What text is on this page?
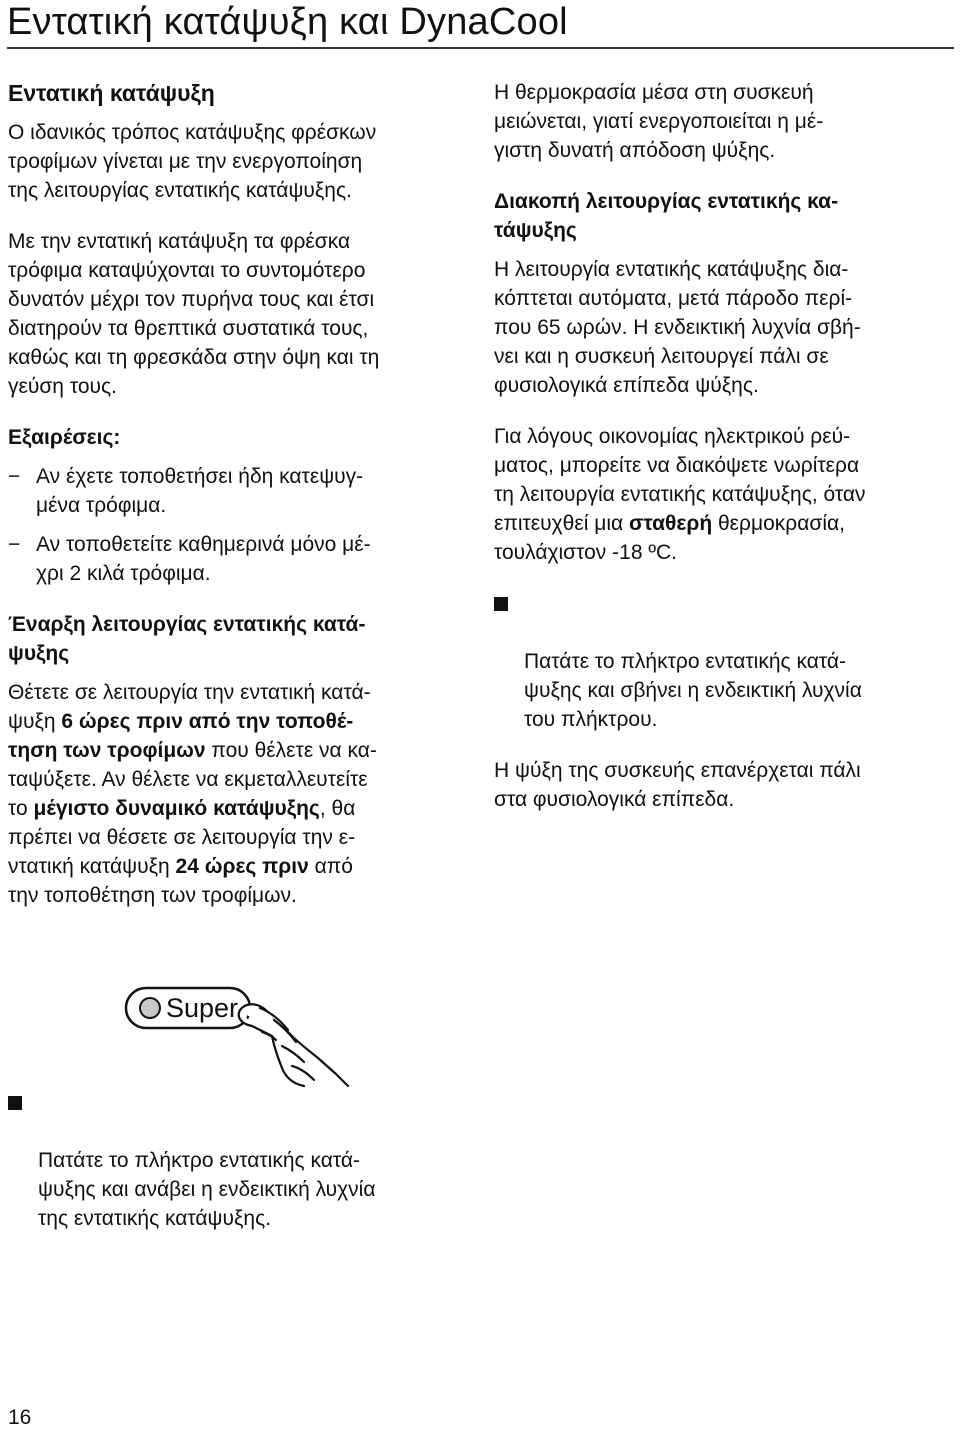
Εντατική κατάψυξη και DynaCool
Εντατική κατάψυξη

Ο ιδανικός τρόπος κατάψυξης φρέσκων
τροφίμων γίνεται με την ενεργοποίηση
της λειτουργίας εντατικής κατάψυξης.

Με την εντατική κατάψυξη τα φρέσκα
τρόφιμα καταψύχονται το συντομότερο
δυνατόν μέχρι τον πυρήνα τους και έτσι
διατηρούν τα θρεπτικά συστατικά τους,
καθώς και τη φρεσκάδα στην όψη και τη
γεύση τους.

Εξαιρέσεις:
− Αν έχετε τοποθετήσει ήδη κατεψυγ-
μένα τρόφιμα.
− Αν τοποθετείτε καθημερινά μόνο μέ-
χρι 2 κιλά τρόφιμα.
Έναρξη λειτουργίας εντατικής κατά-
ψυξης

Θέτετε σε λειτουργία την εντατική κατά-
ψυξη 6 ώρες πριν από την τοποθέ-
τηση των τροφίμων που θέλετε να κα-
ταψύξετε. Αν θέλετε να εκμεταλλευτείτε
το μέγιστο δυναμικό κατάψυξης, θα
πρέπει να θέσετε σε λειτουργία την ε-
ντατική κατάψυξη 24 ώρες πριν από
την τοποθέτηση των τροφίμων.

Super

Πατάτε το πλήκτρο εντατικής κατά-
ψυξης και ανάβει η ενδεικτική λυχνία
της εντατικής κατάψυξης.

Η θερμοκρασία μέσα στη συσκευή
μειώνεται, γιατί ενεργοποιείται η μέ-
γιστη δυνατή απόδοση ψύξης.

Διακοπή λειτουργίας εντατικής κα-
τάψυξης

Η λειτουργία εντατικής κατάψυξης δια-
κόπτεται αυτόματα, μετά πάροδο περί-
που 65 ωρών. Η ενδεικτική λυχνία σβή-
νει και η συσκευή λειτουργεί πάλι σε
φυσιολογικά επίπεδα ψύξης.

Για λόγους οικονομίας ηλεκτρικού ρεύ-
ματος, μπορείτε να διακόψετε νωρίτερα
τη λειτουργία εντατικής κατάψυξης, όταν
επιτευχθεί μια σταθερή θερμοκρασία,
τουλάχιστον -18 ºC.

Πατάτε το πλήκτρο εντατικής κατά-
ψυξης και σβήνει η ενδεικτική λυχνία
του πλήκτρου.

Η ψύξη της συσκευής επανέρχεται πάλι
στα φυσιολογικά επίπεδα.

16
